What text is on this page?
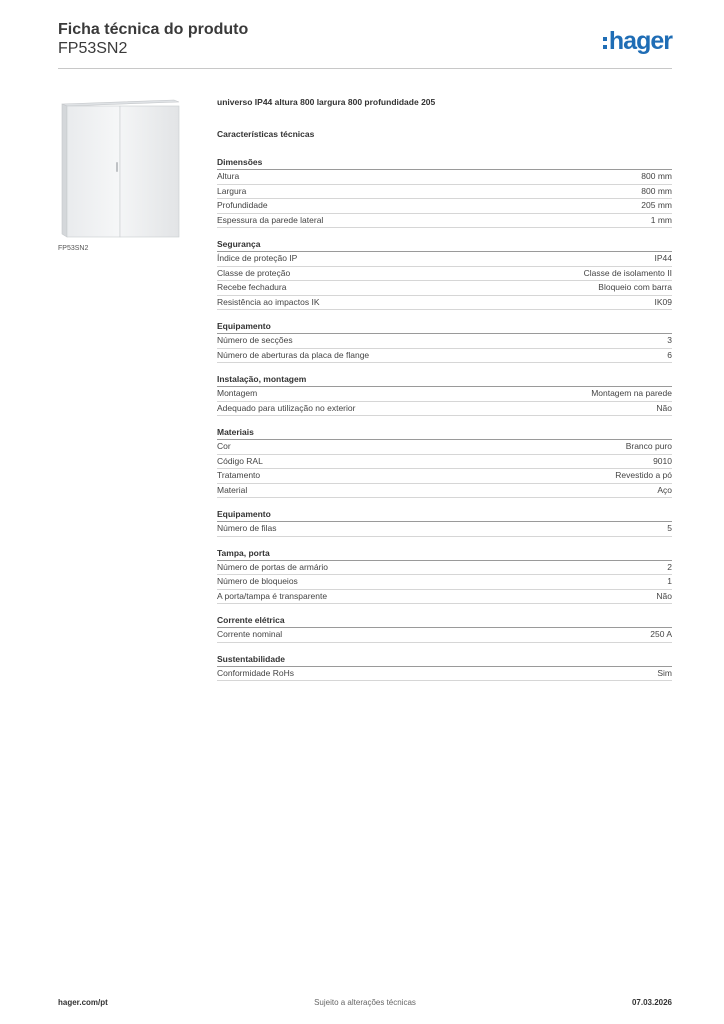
Ficha técnica do produto
FP53SN2	hager
FP53SN2
universo IP44 altura 800 largura 800 profundidade 205
Características técnicas
Dimensões
Altura	800 mm
Largura	800 mm
Profundidade	205 mm
Espessura da parede lateral	1 mm
Segurança
Índice de proteção IP	IP44
Classe de proteção	Classe de isolamento II
Recebe fechadura	Bloqueio com barra
Resistência ao impactos IK	IK09
Equipamento
Número de secções	3
Número de aberturas da placa de flange	6
Instalação, montagem
Montagem	Montagem na parede
Adequado para utilização no exterior	Não
Materiais
Cor	Branco puro
Código RAL	9010
Tratamento	Revestido a pó
Material	Aço
Equipamento
Número de filas	5
Tampa, porta
Número de portas de armário	2
Número de bloqueios	1
A porta/tampa é transparente	Não
Corrente elétrica
Corrente nominal	250 A
Sustentabilidade
Conformidade RoHs	Sim
hager.com/pt	Sujeito a alterações técnicas	07.03.2026
